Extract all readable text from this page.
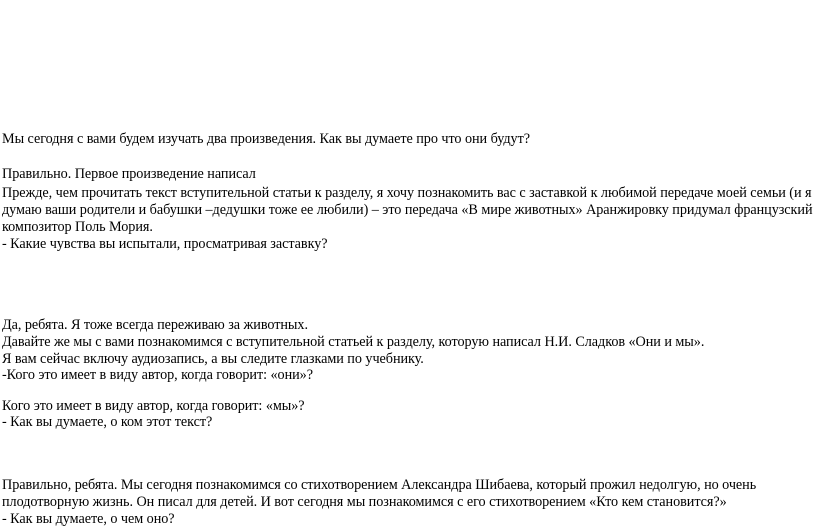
Мы сегодня с вами будем изучать два произведения. Как вы думаете про что они будут?
Правильно. Первое произведение написал
Прежде, чем прочитать текст вступительной статьи к разделу, я хочу познакомить вас с заставкой к любимой передаче моей семьи (и я
думаю ваши родители и бабушки –дедушки тоже ее любили) – это передача «В мире животных» Аранжировку придумал французский
композитор Поль Мория.
- Какие чувства вы испытали, просматривая заставку?
Да, ребята. Я тоже всегда переживаю за животных.
Давайте же мы с вами познакомимся с вступительной статьей к разделу, которую написал Н.И. Сладков «Они и мы».
Я вам сейчас включу аудиозапись, а вы следите глазками по учебнику.
-Кого это имеет в виду автор, когда говорит: «они»?
Кого это имеет в виду автор, когда говорит: «мы»?
- Как вы думаете, о ком этот текст?
Правильно, ребята. Мы сегодня познакомимся со стихотворением Александра Шибаева, который прожил недолгую, но очень
плодотворную жизнь. Он писал для детей. И вот сегодня мы познакомимся с его стихотворением «Кто кем становится?»
- Как вы думаете, о чем оно?
